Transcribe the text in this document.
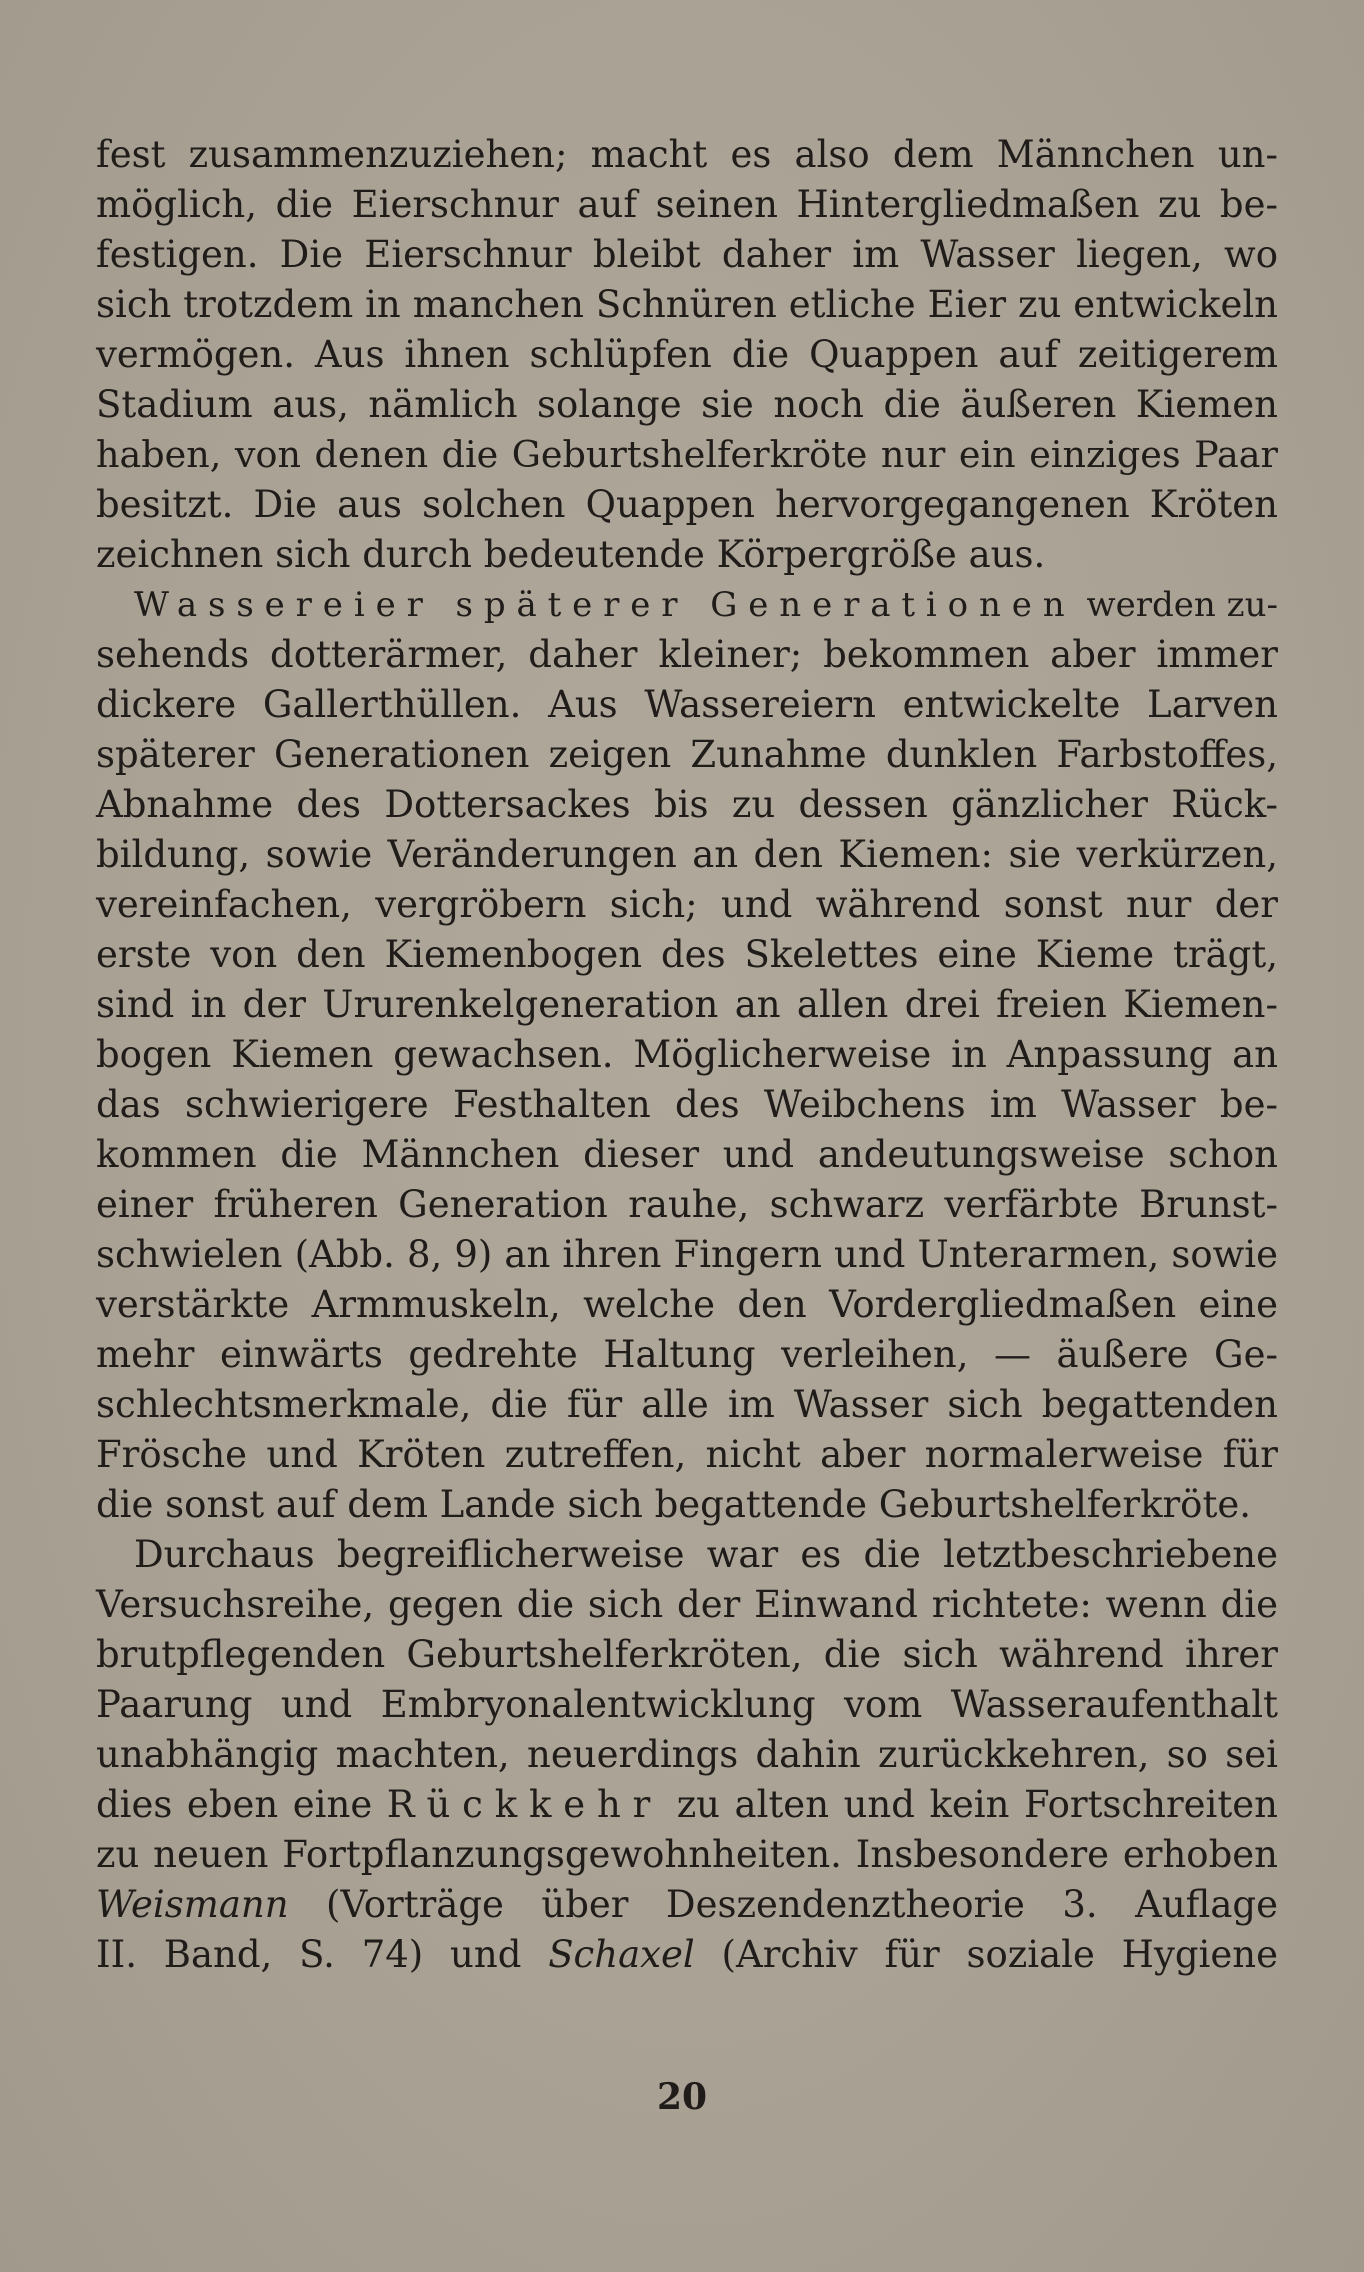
fest zusammenzuziehen; macht es also dem Männchen un-
möglich, die Eierschnur auf seinen Hintergliedmaßen zu be-
festigen. Die Eierschnur bleibt daher im Wasser liegen, wo
sich trotzdem in manchen Schnüren etliche Eier zu entwickeln
vermögen. Aus ihnen schlüpfen die Quappen auf zeitigerem
Stadium aus, nämlich solange sie noch die äußeren Kiemen
haben, von denen die Geburtshelferkröte nur ein einziges Paar
besitzt. Die aus solchen Quappen hervorgegangenen Kröten
zeichnen sich durch bedeutende Körpergröße aus.
Wassereier späterer Generationen werden zu-
sehends dotterärmer, daher kleiner; bekommen aber immer
dickere Gallerthüllen. Aus Wassereiern entwickelte Larven
späterer Generationen zeigen Zunahme dunklen Farbstoffes,
Abnahme des Dottersackes bis zu dessen gänzlicher Rück-
bildung, sowie Veränderungen an den Kiemen: sie verkürzen,
vereinfachen, vergröbern sich; und während sonst nur der
erste von den Kiemenbogen des Skelettes eine Kieme trägt,
sind in der Ururenkelgeneration an allen drei freien Kiemen-
bogen Kiemen gewachsen. Möglicherweise in Anpassung an
das schwierigere Festhalten des Weibchens im Wasser be-
kommen die Männchen dieser und andeutungsweise schon
einer früheren Generation rauhe, schwarz verfärbte Brunst-
schwielen (Abb. 8, 9) an ihren Fingern und Unterarmen, sowie
verstärkte Armmuskeln, welche den Vordergliedmaßen eine
mehr einwärts gedrehte Haltung verleihen, — äußere Ge-
schlechtsmerkmale, die für alle im Wasser sich begattenden
Frösche und Kröten zutreffen, nicht aber normalerweise für
die sonst auf dem Lande sich begattende Geburtshelferkröte.
Durchaus begreiflicherweise war es die letztbeschriebene
Versuchsreihe, gegen die sich der Einwand richtete: wenn die
brutpflegenden Geburtshelferkröten, die sich während ihrer
Paarung und Embryonalentwicklung vom Wasseraufenthalt
unabhängig machten, neuerdings dahin zurückkehren, so sei
dies eben eine Rückkehr zu alten und kein Fortschreiten
zu neuen Fortpflanzungsgewohnheiten. Insbesondere erhoben
Weismann (Vorträge über Deszendenztheorie 3. Auflage
II. Band, S. 74) und Schaxel (Archiv für soziale Hygiene
20
